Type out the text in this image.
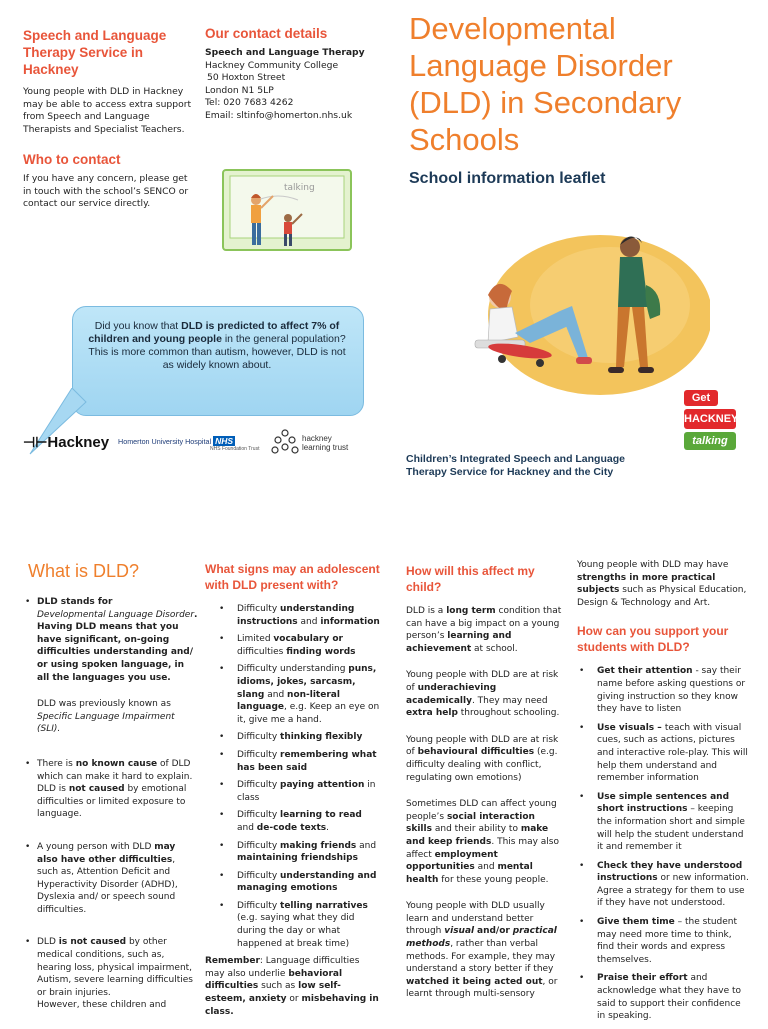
Speech and Language Therapy Service in Hackney

Young people with DLD in Hackney may be able to access extra support from Speech and Language Therapists and Specialist Teachers.

Who to contact

If you have any concern, please get in touch with the school’s SENCO or contact our service directly.

Our contact details

Speech and Language Therapy

Hackney Community College

50 Hoxton Street

London N1 5LP

Tel: 020 7683 4262

Email: sltinfo@homerton.nhs.uk

talking
Developmental Language Disorder (DLD) in Secondary Schools
School information leaflet
Did you know that DLD is predicted to affect 7% of children and young people in the general population?
This is more common than autism, however, DLD is not as widely known about.
⊣⊢Hackney Homerton University Hospital NHS
NHS Foundation Trust
hackney
learning trust
Children’s Integrated Speech and Language Therapy Service for Hackney and the City
Get
HACKNEY
talking
What is DLD?
• DLD stands for
Developmental Language Disorder. Having DLD means that you have significant, on-going difficulties understanding and/ or using spoken language, in all the languages you use.

DLD was previously known as Specific Language Impairment (SLI).

• There is no known cause of DLD which can make it hard to explain. DLD is not caused by emotional difficulties or limited exposure to language.
• A young person with DLD may also have other difficulties, such as, Attention Deficit and Hyperactivity Disorder (ADHD), Dyslexia and/ or speech sound difficulties.
• DLD is not caused by other medical conditions, such as, hearing loss, physical impairment, Autism, severe learning difficulties or brain injuries.
However, these children and
What signs may an adolescent with DLD present with?
• Difficulty understanding instructions and information
• Limited vocabulary or difficulties finding words
• Difficulty understanding puns, idioms, jokes, sarcasm, slang and non-literal language, e.g. Keep an eye on it, give me a hand.
• Difficulty thinking flexibly
• Difficulty remembering what has been said
• Difficulty paying attention in class
• Difficulty learning to read and de-code texts.
• Difficulty making friends and maintaining friendships
• Difficulty understanding and managing emotions
• Difficulty telling narratives (e.g. saying what they did during the day or what happened at break time)

Remember: Language difficulties may also underlie behavioral difficulties such as low self-esteem, anxiety or misbehaving in class.

How will this affect my child?

DLD is a long term condition that can have a big impact on a young person’s learning and achievement at school.

Young people with DLD are at risk of underachieving academically. They may need extra help throughout schooling.

Young people with DLD are at risk of behavioural difficulties (e.g. difficulty dealing with conflict, regulating own emotions)

Sometimes DLD can affect young people’s social interaction skills and their ability to make and keep friends. This may also affect employment opportunities and mental health for these young people.

Young people with DLD usually learn and understand better through visual and/or practical methods, rather than verbal methods. For example, they may understand a story better if they watched it being acted out, or learnt through multi-sensory

Young people with DLD may have strengths in more practical subjects such as Physical Education, Design & Technology and Art.

How can you support your students with DLD?
• Get their attention - say their name before asking questions or giving instruction so they know they have to listen
• Use visuals – teach with visual cues, such as actions, pictures and interactive role-play. This will help them understand and remember information
• Use simple sentences and short instructions – keeping the information short and simple will help the student understand it and remember it
• Check they have understood instructions or new information. Agree a strategy for them to use if they have not understood.
• Give them time – the student may need more time to think, find their words and express themselves.
• Praise their effort and acknowledge what they have to said to support their confidence in speaking.
